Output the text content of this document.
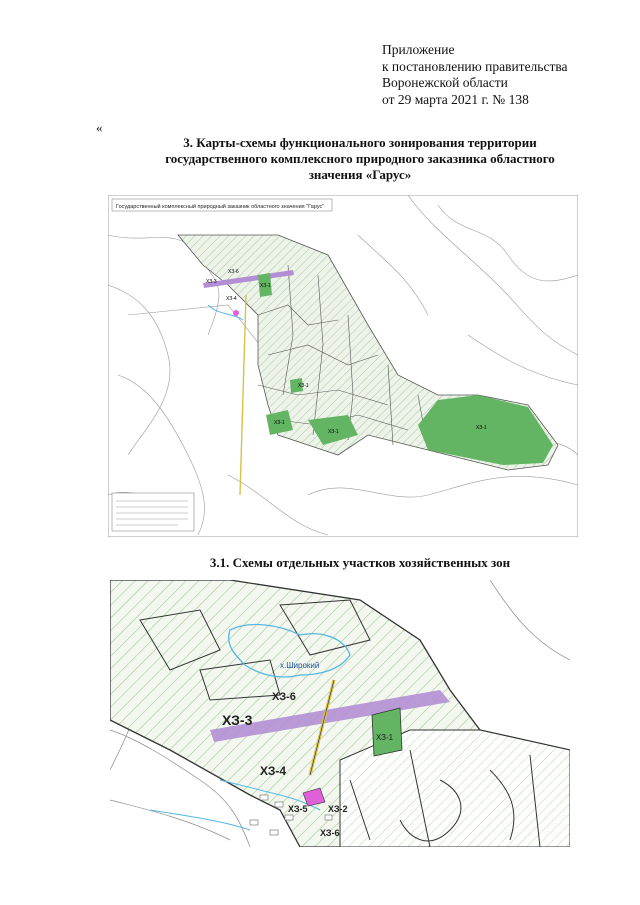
Приложение
к постановлению правительства
Воронежской области
от 29 марта 2021 г. № 138
«
3. Карты-схемы функционального зонирования территории
государственного комплексного природного заказника областного
значения «Гарус»
Государственный комплексный природный заказник областного значения "Гарус"
ХЗ-6
ХЗ-3
ХЗ-4
ХЗ-1
ХЗ-1
ХЗ-1
ХЗ-1
ХЗ-1
3.1. Схемы отдельных участков хозяйственных зон
х.Широкий
ХЗ-6
ХЗ-3
ХЗ-1
ХЗ-4
ХЗ-5 ХЗ-2
ХЗ-6
